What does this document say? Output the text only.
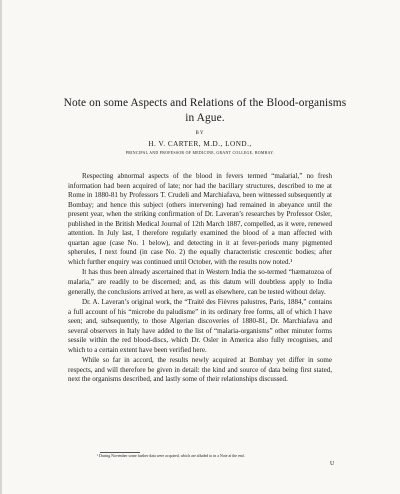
Note on some Aspects and Relations of the Blood-organisms in Ague.
BY
H. V. CARTER, M.D., LOND.,
PRINCIPAL AND PROFESSOR OF MEDICINE, GRANT COLLEGE, BOMBAY.

Respecting abnormal aspects of the blood in fevers termed “malarial,” no fresh information had been acquired of late; nor had the bacillary structures, described to me at Rome in 1880-81 by Professors T. Crudeli and Marchiafava, been witnessed subsequently at Bombay; and hence this subject (others intervening) had remained in abeyance until the present year, when the striking confirmation of Dr. Laveran’s researches by Professor Osler, published in the British Medical Journal of 12th March 1887, compelled, as it were, renewed attention. In July last, I therefore regularly examined the blood of a man affected with quartan ague (case No. 1 below), and detecting in it at fever-periods many pigmented spherules, I next found (in case No. 2) the equally characteristic crescentic bodies; after which further enquiry was continued until October, with the results now noted.¹

It has thus been already ascertained that in Western India the so-termed “hæmatozoa of malaria,” are readily to be discerned; and, as this datum will doubtless apply to India generally, the conclusions arrived at here, as well as elsewhere, can be tested without delay.

Dr. A. Laveran’s original work, the “Traité des Fièvres palustres, Paris, 1884,” contains a full account of his “microbe du paludisme” in its ordinary free forms, all of which I have seen; and, subsequently, to those Algerian discoveries of 1880-81, Dr. Marchiafava and several observers in Italy have added to the list of “malaria-organisms” other minuter forms sessile within the red blood-discs, which Dr. Osler in America also fully recognises, and which to a certain extent have been verified here.

While so far in accord, the results newly acquired at Bombay yet differ in some respects, and will therefore be given in detail: the kind and source of data being first stated, next the organisms described, and lastly some of their relationships discussed.

¹ During November some further data were acquired, which are alluded to in a Note at the end.
U
